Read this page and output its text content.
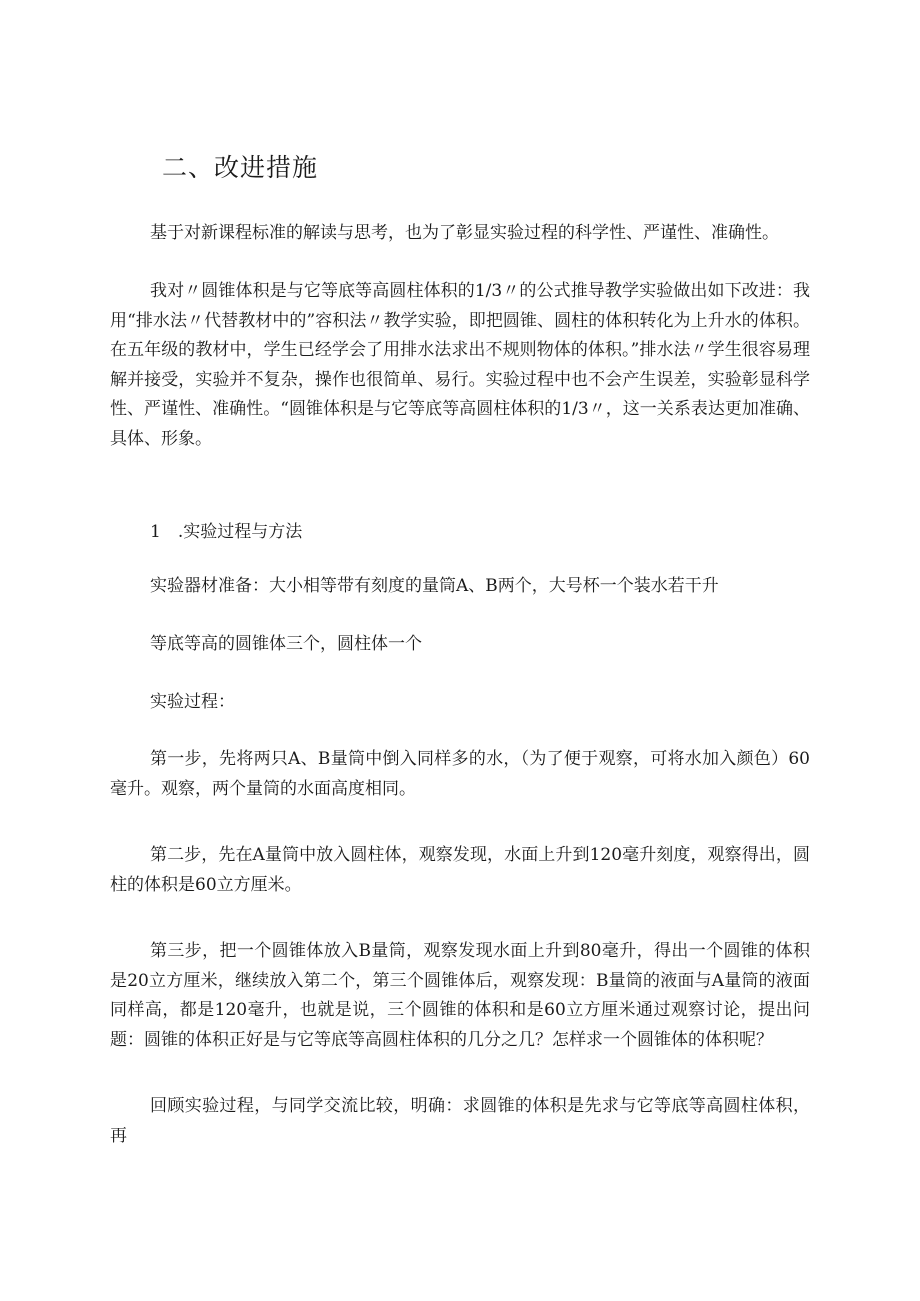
二、改进措施

基于对新课程标准的解读与思考，也为了彰显实验过程的科学性、严谨性、准确性。

我对〃圆锥体积是与它等底等高圆柱体积的1/3〃的公式推导教学实验做出如下改进：我用“排水法〃代替教材中的”容积法〃教学实验，即把圆锥、圆柱的体积转化为上升水的体积。在五年级的教材中，学生已经学会了用排水法求出不规则物体的体积。”排水法〃学生很容易理解并接受，实验并不复杂，操作也很简单、易行。实验过程中也不会产生误差，实验彰显科学性、严谨性、准确性。“圆锥体积是与它等底等高圆柱体积的1/3〃，这一关系表达更加准确、具体、形象。

1　.实验过程与方法

实验器材准备：大小相等带有刻度的量筒A、B两个，大号杯一个装水若干升

等底等高的圆锥体三个，圆柱体一个

实验过程：

第一步，先将两只A、B量筒中倒入同样多的水，（为了便于观察，可将水加入颜色）60毫升。观察，两个量筒的水面高度相同。

第二步，先在A量筒中放入圆柱体，观察发现，水面上升到120毫升刻度，观察得出，圆柱的体积是60立方厘米。

第三步，把一个圆锥体放入B量筒，观察发现水面上升到80毫升，得出一个圆锥的体积是20立方厘米，继续放入第二个，第三个圆锥体后，观察发现：B量筒的液面与A量筒的液面同样高，都是120毫升，也就是说，三个圆锥的体积和是60立方厘米通过观察讨论，提出问题：圆锥的体积正好是与它等底等高圆柱体积的几分之几？怎样求一个圆锥体的体积呢？

回顾实验过程，与同学交流比较，明确：求圆锥的体积是先求与它等底等高圆柱体积，再
